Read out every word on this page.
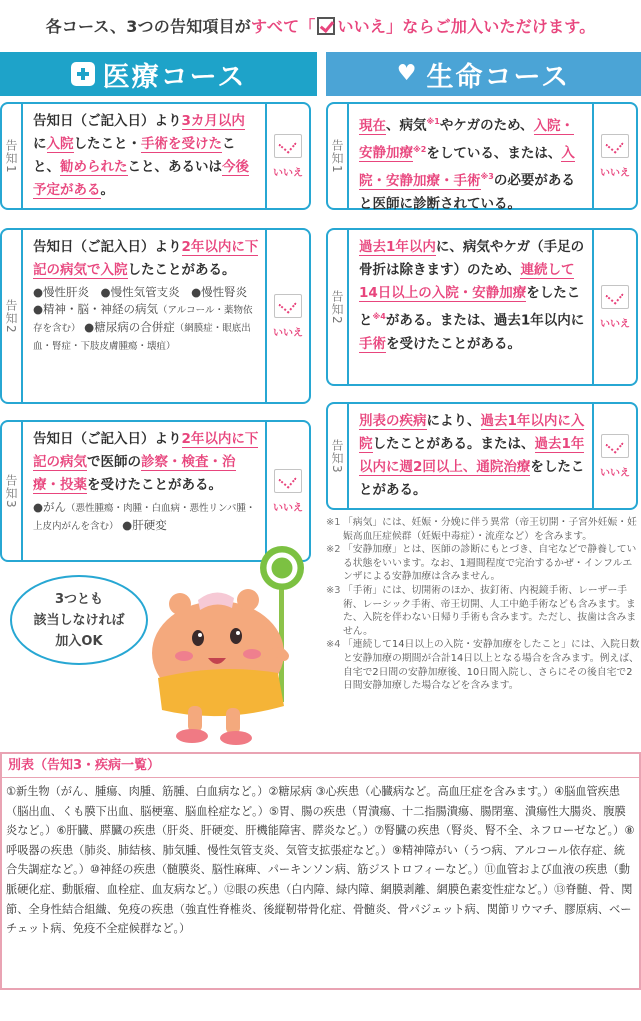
各コース、3つの告知項目がすべて「 いいえ」ならご加入いただけます。
医療コース	♥ 生命コース
告知1
告知日（ご記入日）より3カ月以内に入院したこと・手術を受けたこと、勧められたこと、あるいは今後予定がある。
いいえ
告知2
告知日（ご記入日）より2年以内に下記の病気で入院したことがある。
●慢性肝炎　●慢性気管支炎　●慢性腎炎 ●精神・脳・神経の病気（アルコール・薬物依存を含む） ●糖尿病の合併症（網膜症・眼底出血・腎症・下肢皮膚腫瘍・壊疽）
いいえ
告知3
告知日（ご記入日）より2年以内に下記の病気で医師の診察・検査・治療・投薬を受けたことがある。
●がん（悪性腫瘍・肉腫・白血病・悪性リンパ腫・上皮内がんを含む） ●肝硬変
いいえ
告知1
現在、病気$^{※1}$やケガのため、入院・安静加療$^{※2}$をしている、または、入院・安静加療・手術$^{※3}$の必要があると医師に診断されている。
いいえ
告知2
過去1年以内に、病気やケガ（手足の骨折は除きます）のため、連続して14日以上の入院・安静加療をしたこと$^{※4}$がある。または、過去1年以内に手術を受けたことがある。
いいえ
告知3
別表の疾病により、過去1年以内に入院したことがある。または、過去1年以内に週2回以上、通院治療をしたことがある。
いいえ
※1 「病気」には、妊娠・分娩に伴う異常（帝王切開・子宮外妊娠・妊娠高血圧症候群（妊娠中毒症）・流産など）を含みます。
※2 「安静加療」とは、医師の診断にもとづき、自宅などで静養している状態をいいます。なお、1週間程度で完治するかぜ・インフルエンザによる安静加療は含みません。
※3 「手術」には、切開術のほか、抜釘術、内視鏡手術、レーザー手術、レーシック手術、帝王切開、人工中絶手術なども含みます。また、入院を伴わない日帰り手術も含みます。ただし、抜歯は含みません。
※4 「連続して14日以上の入院・安静加療をしたこと」には、入院日数と安静加療の期間が合計14日以上となる場合を含みます。例えば、自宅で2日間の安静加療後、10日間入院し、さらにその後自宅で2日間安静加療した場合などを含みます。
3つとも
該当しなければ
加入OK
別表（告知3・疾病一覧）
①新生物（がん、腫瘍、肉腫、筋腫、白血病など。）②糖尿病 ③心疾患（心臓病など。高血圧症を含みます。）④脳血管疾患（脳出血、くも膜下出血、脳梗塞、脳血栓症など。）⑤胃、腸の疾患（胃潰瘍、十二指腸潰瘍、腸閉塞、潰瘍性大腸炎、腹膜炎など。）⑥肝臓、膵臓の疾患（肝炎、肝硬変、肝機能障害、膵炎など。）⑦腎臓の疾患（腎炎、腎不全、ネフローゼなど。）⑧呼吸器の疾患（肺炎、肺結核、肺気腫、慢性気管支炎、気管支拡張症など。）⑨精神障がい（うつ病、アルコール依存症、統合失調症など。）⑩神経の疾患（髄膜炎、脳性麻痺、パーキンソン病、筋ジストロフィーなど。）⑪血管および血液の疾患（動脈硬化症、動脈瘤、血栓症、血友病など。）⑫眼の疾患（白内障、緑内障、網膜剥離、網膜色素変性症など。）⑬脊髄、骨、関節、全身性結合組織、免疫の疾患（強直性脊椎炎、後縦靭帯骨化症、骨髄炎、骨パジェット病、関節リウマチ、膠原病、ベーチェット病、免疫不全症候群など。）
